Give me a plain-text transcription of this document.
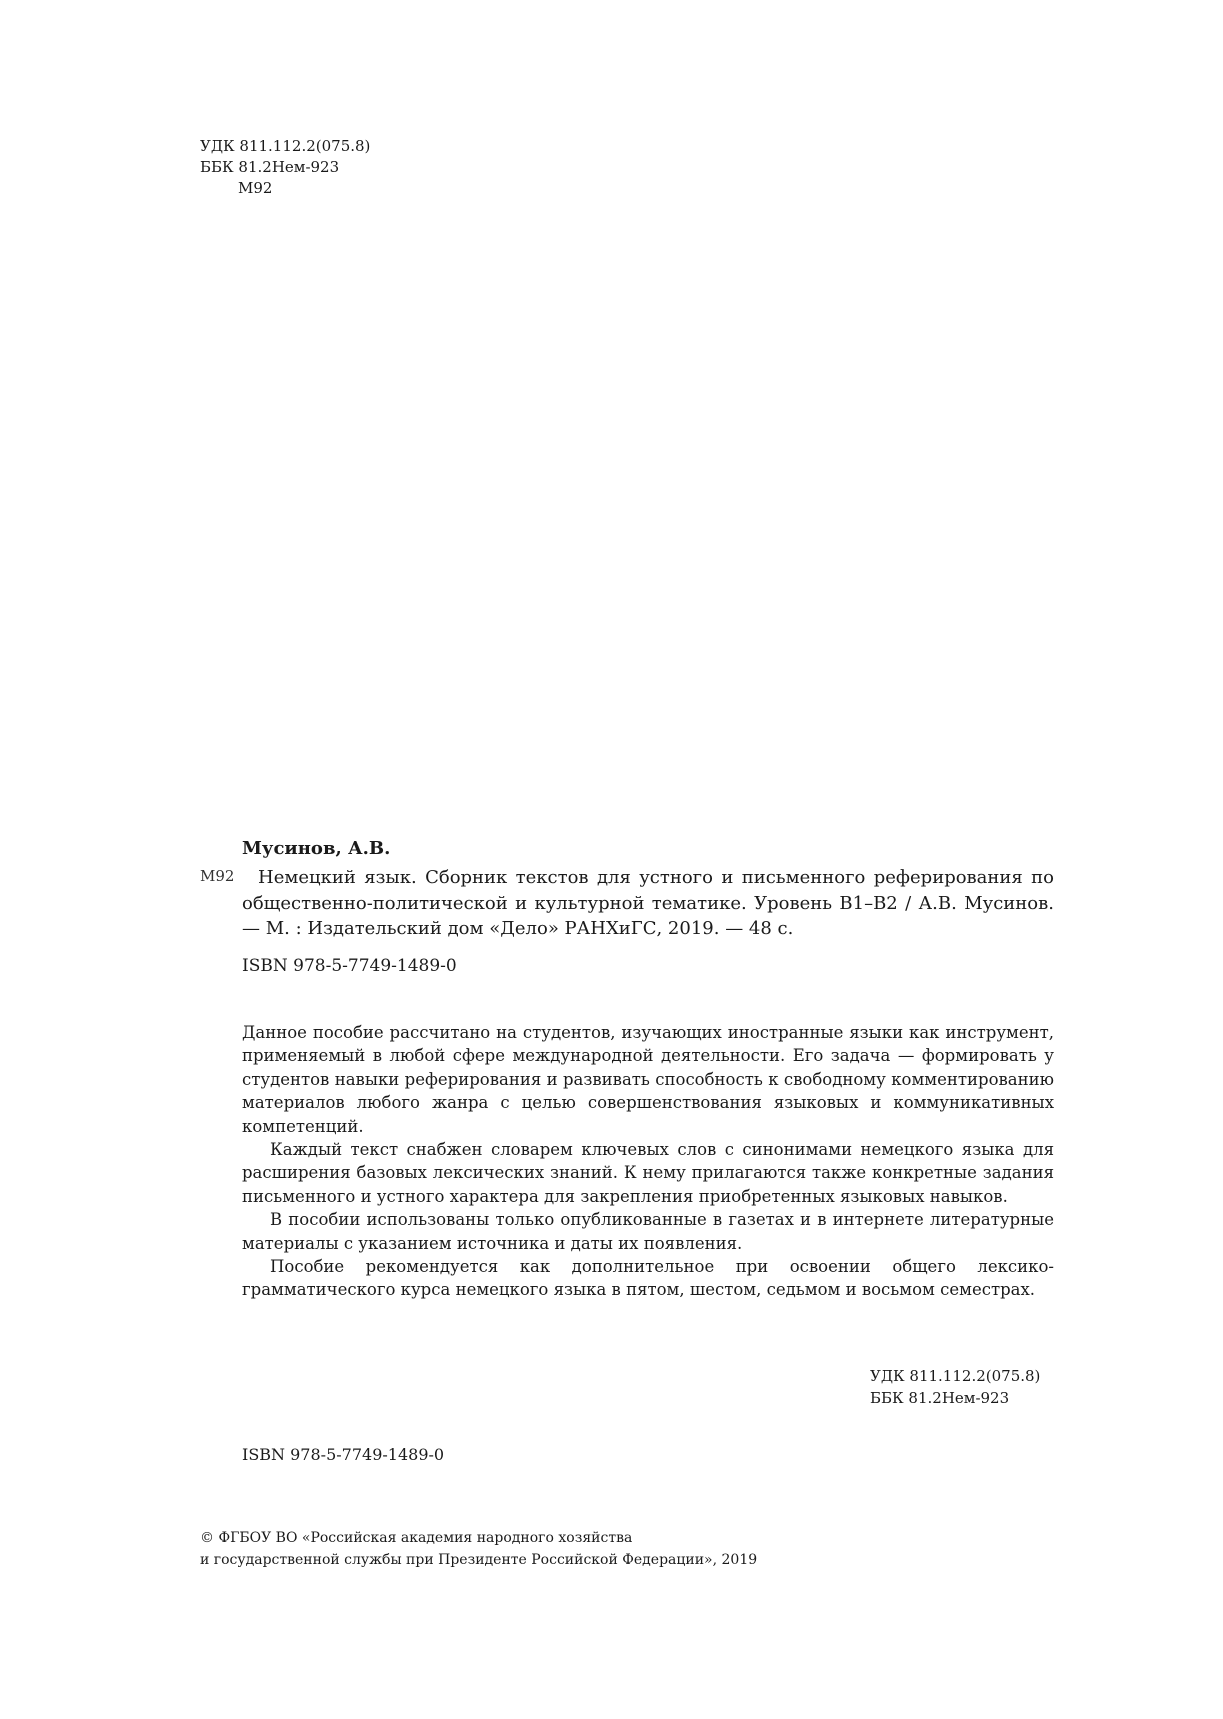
УДК 811.112.2(075.8)
ББК 81.2Нем-923
М92
Мусинов, А.В.
М92	Немецкий язык. Сборник текстов для устного и письменного реферирования по общественно-политической и культурной тематике. Уровень В1–В2 / А.В. Мусинов. — М. : Издательский дом «Дело» РАНХиГС, 2019. — 48 с.
ISBN 978-5-7749-1489-0

Данное пособие рассчитано на студентов, изучающих иностранные языки как инструмент, применяемый в любой сфере международной деятельности. Его задача — формировать у студентов навыки реферирования и развивать способность к свободному комментированию материалов любого жанра с целью совершенствования языковых и коммуникативных компетенций.

Каждый текст снабжен словарем ключевых слов с синонимами немецкого языка для расширения базовых лексических знаний. К нему прилагаются также конкретные задания письменного и устного характера для закрепления приобретенных языковых навыков.

В пособии использованы только опубликованные в газетах и в интернете литературные материалы с указанием источника и даты их появления.

Пособие рекомендуется как дополнительное при освоении общего лексико-грамматического курса немецкого языка в пятом, шестом, седьмом и восьмом семестрах.

УДК 811.112.2(075.8)
ББК 81.2Нем-923
ISBN 978-5-7749-1489-0
© ФГБОУ ВО «Российская академия народного хозяйства
и государственной службы при Президенте Российской Федерации», 2019
